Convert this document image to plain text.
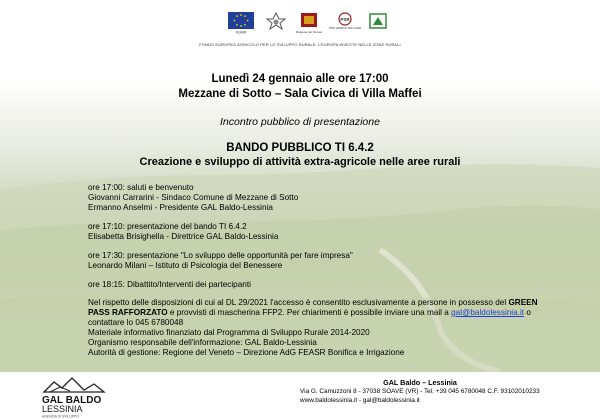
FEASR	Regione del Veneto
PSR
PSR VENETO 2014-2020
FONDO EUROPEO AGRICOLO PER LO SVILUPPO RURALE: L'EUROPA INVESTE NELLE ZONE RURALI
Lunedì 24 gennaio alle ore 17:00
Mezzane di Sotto – Sala Civica di Villa Maffei
Incontro pubblico di presentazione
BANDO PUBBLICO TI 6.4.2
Creazione e sviluppo di attività extra-agricole nelle aree rurali
ore 17:00: saluti e benvenuto
Giovanni Carrarini - Sindaco Comune di Mezzane di Sotto
Ermanno Anselmi - Presidente GAL Baldo-Lessinia
ore 17:10: presentazione del bando TI 6.4.2
Elisabetta Brisighella - Direttrice GAL Baldo-Lessinia
ore 17:30: presentazione "Lo sviluppo delle opportunità per fare impresa"
Leonardo Milani – Istituto di Psicologia del Benessere
ore 18:15: Dibattito/Interventi dei partecipanti
Nel rispetto delle disposizioni di cui al DL 29/2021 l'accesso è consentito esclusivamente a persone in possesso del GREEN PASS RAFFORZATO e provvisti di mascherina FFP2. Per chiarimenti è possibile inviare una mail a gal@baldolessinia.it o contattare lo 045 6780048
Materiale informativo finanziato dal Programma di Sviluppo Rurale 2014-2020
Organismo responsabile dell'informazione: GAL Baldo-Lessinia
Autorità di gestione: Regione del Veneto – Direzione AdG FEASR Bonifica e Irrigazione
GAL BALDO
LESSINIA
AGENZIA DI SVILUPPO
GAL Baldo – Lessinia
Via G. Camuzzoni 8 - 37038 SOAVE (VR) - Tel. +39 045 6780048 C.F. 93102010233
www.baldolessinia.it - gal@baldolessinia.it
